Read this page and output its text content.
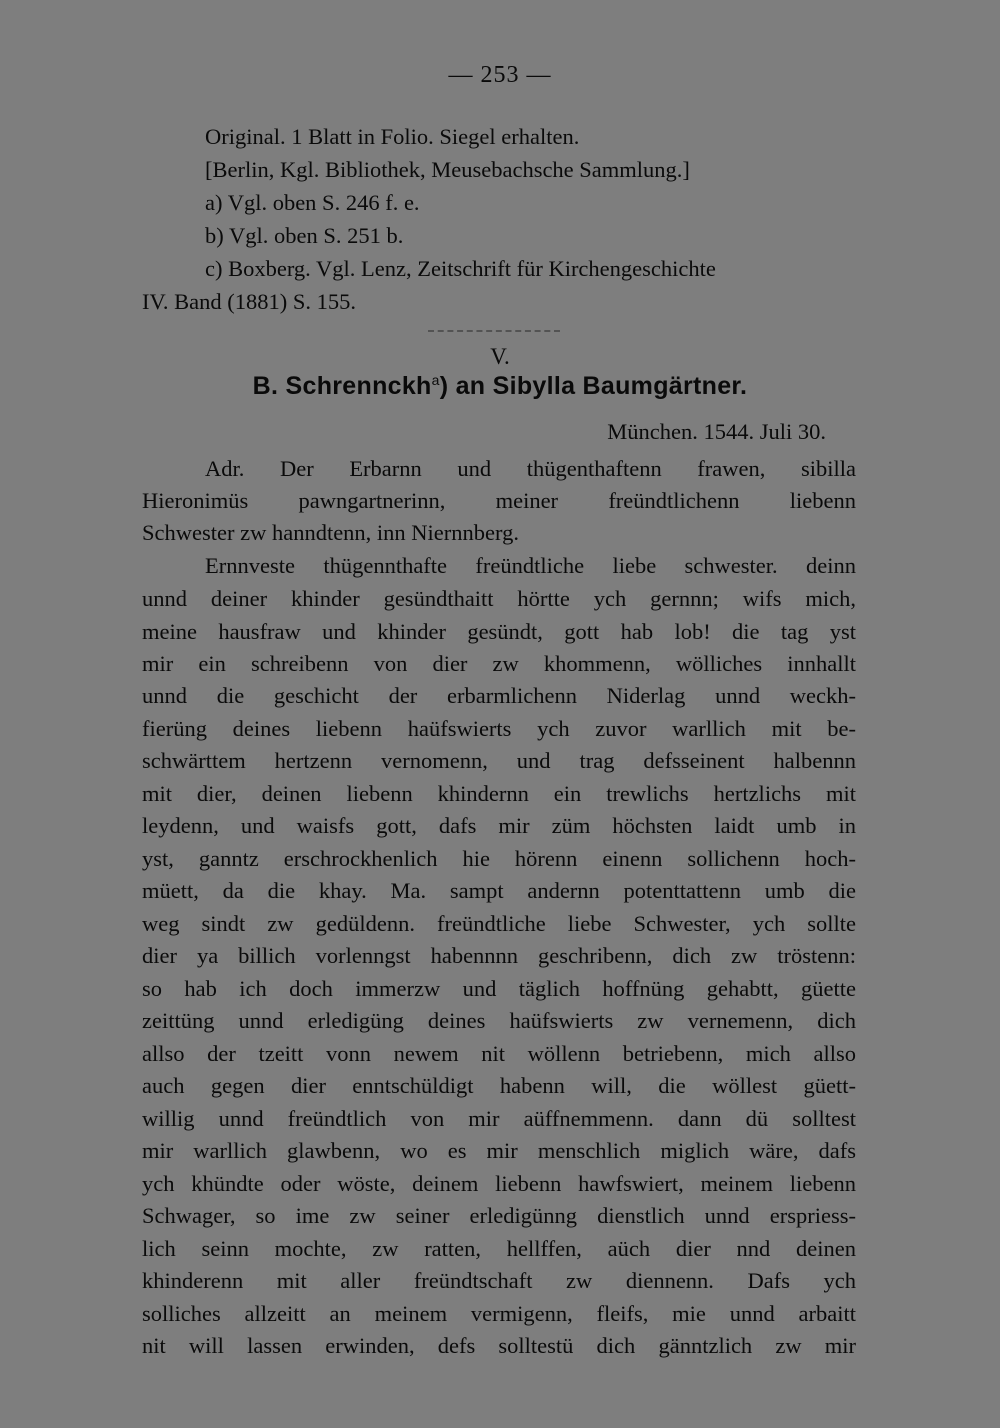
— 253 —
Original. 1 Blatt in Folio. Siegel erhalten.
[Berlin, Kgl. Bibliothek, Meusebachsche Sammlung.]
a) Vgl. oben S. 246 f. e.
b) Vgl. oben S. 251 b.
c) Boxberg. Vgl. Lenz, Zeitschrift für Kirchengeschichte
IV. Band (1881) S. 155.
V.
B. Schrennckh$^a$) an Sibylla Baumgärtner.
München. 1544. Juli 30.
Adr. Der Erbarnn und thügenthaftenn frawen, sibilla
Hieronimüs pawngartnerinn, meiner freündtlichenn liebenn
Schwester zw hanndtenn, inn Niernnberg.
Ernnveste thügennthafte freündtliche liebe schwester. deinn
unnd deiner khinder gesündthaitt hörtte ych gernnn; wifs mich,
meine hausfraw und khinder gesündt, gott hab lob! die tag yst
mir ein schreibenn von dier zw khommenn, wölliches innhallt
unnd die geschicht der erbarmlichenn Niderlag unnd weckh-
fierüng deines liebenn haüfswierts ych zuvor warllich mit be-
schwärttem hertzenn vernomenn, und trag defsseinent halbennn
mit dier, deinen liebenn khindernn ein trewlichs hertzlichs mit
leydenn, und waisfs gott, dafs mir züm höchsten laidt umb in
yst, ganntz erschrockhenlich hie hörenn einenn sollichenn hoch-
müett, da die khay. Ma. sampt andernn potenttattenn umb die
weg sindt zw gedüldenn. freündtliche liebe Schwester, ych sollte
dier ya billich vorlenngst habennnn geschribenn, dich zw tröstenn:
so hab ich doch immerzw und täglich hoffnüng gehabtt, güette
zeittüng unnd erledigüng deines haüfswierts zw vernemenn, dich
allso der tzeitt vonn newem nit wöllenn betriebenn, mich allso
auch gegen dier enntschüldigt habenn will, die wöllest güett-
willig unnd freündtlich von mir aüffnemmenn. dann dü solltest
mir warllich glawbenn, wo es mir menschlich miglich wäre, dafs
ych khündte oder wöste, deinem liebenn hawfswiert, meinem liebenn
Schwager, so ime zw seiner erledigünng dienstlich unnd erspriess-
lich seinn mochte, zw ratten, hellffen, aüch dier nnd deinen
khinderenn mit aller freündtschaft zw diennenn. Dafs ych
solliches allzeitt an meinem vermigenn, fleifs, mie unnd arbaitt
nit will lassen erwinden, defs solltestü dich gänntzlich zw mir
